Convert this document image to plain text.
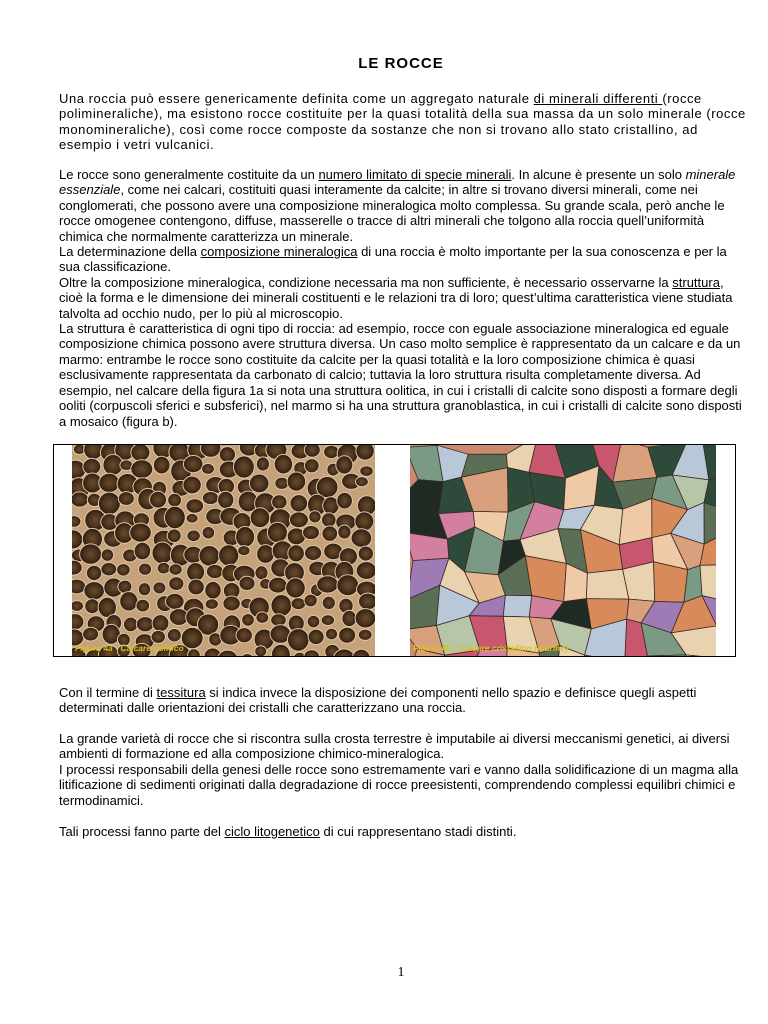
LE ROCCE

Una roccia può essere genericamente definita come un aggregato naturale di minerali differenti (rocce polimineraliche), ma esistono rocce costituite per la quasi totalità della sua massa da un solo minerale (rocce monomineraliche), così come rocce composte da sostanze che non si trovano allo stato cristallino, ad esempio i vetri vulcanici.

Le rocce sono generalmente costituite da un numero limitato di specie minerali. In alcune è presente un solo minerale essenziale, come nei calcari, costituiti quasi interamente da calcite; in altre si trovano diversi minerali, come nei conglomerati, che possono avere una composizione mineralogica molto complessa. Su grande scala, però anche le rocce omogenee contengono, diffuse, masserelle o tracce di altri minerali che tolgono alla roccia quell’uniformità chimica che normalmente caratterizza un minerale.
La determinazione della composizione mineralogica di una roccia è molto importante per la sua conoscenza e per la sua classificazione.
Oltre la composizione mineralogica, condizione necessaria ma non sufficiente, è necessario osservarne la struttura, cioè la forma e le dimensione dei minerali costituenti e le relazioni tra di loro; quest’ultima caratteristica viene studiata talvolta ad occhio nudo, per lo più al microscopio.
La struttura è caratteristica di ogni tipo di roccia: ad esempio, rocce con eguale associazione mineralogica ed eguale composizione chimica possono avere struttura diversa. Un caso molto semplice è rappresentato da un calcare e da un marmo: entrambe le rocce sono costituite da calcite per la quasi totalità e la loro composizione chimica è quasi esclusivamente rappresentata da carbonato di calcio; tuttavia la loro struttura risulta completamente diversa. Ad esempio, nel calcare della figura 1a si nota una struttura oolitica, in cui i cristalli di calcite sono disposti a formare degli ooliti (corpuscoli sferici e subsferici), nel marmo si ha una struttura granoblastica, in cui i cristalli di calcite sono disposti a mosaico (figura b).

Figura 4a - Calcare oolitico	Figura 4b - Calcare cristallino (marmo)

Con il termine di tessitura si indica invece la disposizione dei componenti nello spazio e definisce quegli aspetti determinati dalle orientazioni dei cristalli che caratterizzano una roccia.

La grande varietà di rocce che si riscontra sulla crosta terrestre è imputabile ai diversi meccanismi genetici, ai diversi ambienti di formazione ed alla composizione chimico-mineralogica.
I processi responsabili della genesi delle rocce sono estremamente vari e vanno dalla solidificazione di un magma alla litificazione di sedimenti originati dalla degradazione di rocce preesistenti, comprendendo complessi equilibri chimici e termodinamici.

Tali processi fanno parte del ciclo litogenetico di cui rappresentano stadi distinti.

1
